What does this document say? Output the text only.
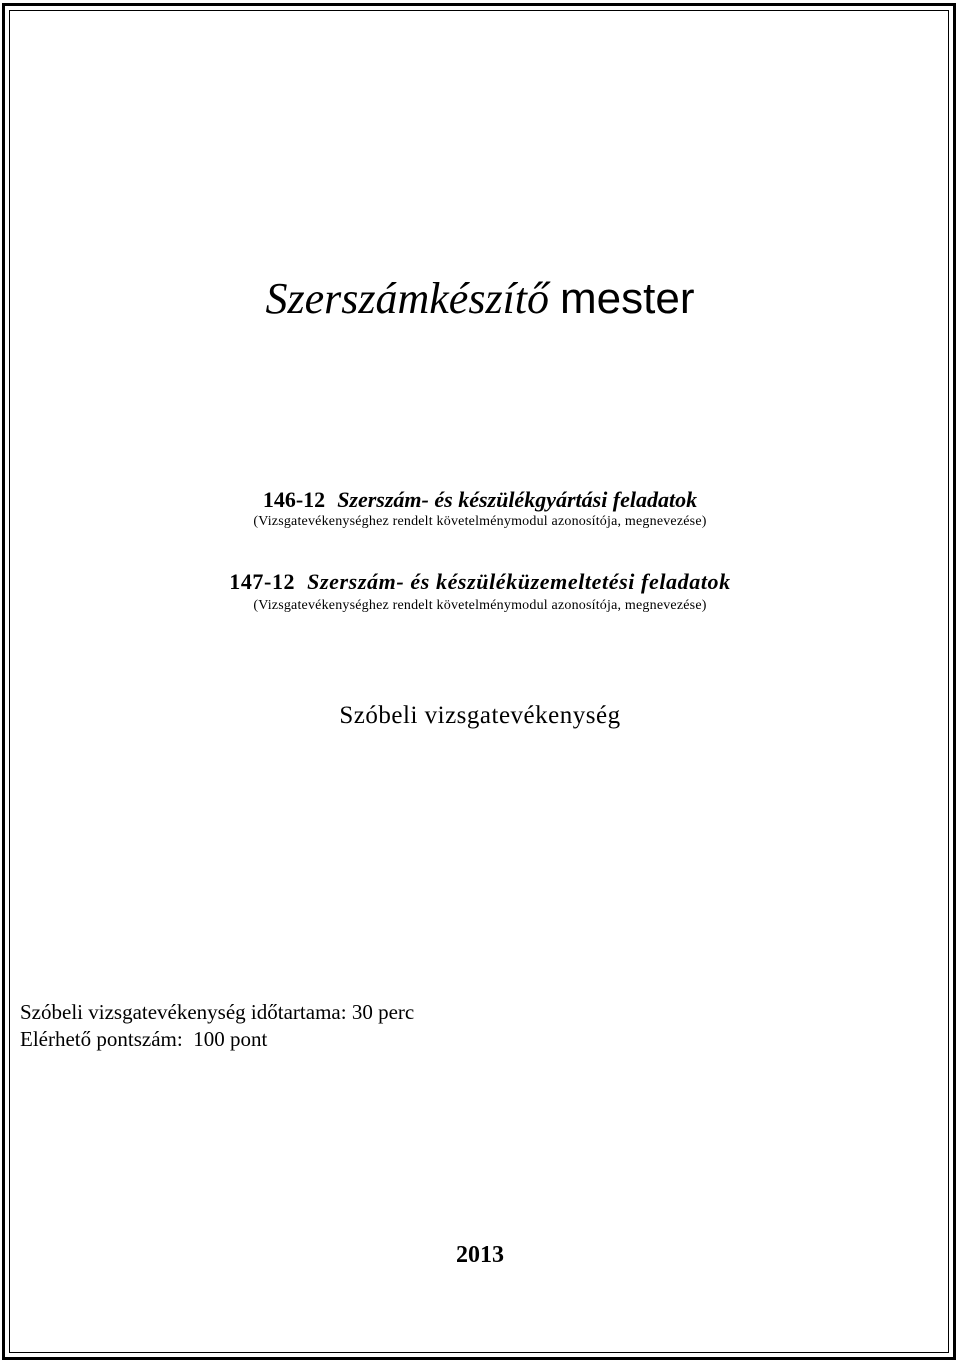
Szerszámkészítő mester
146-12 Szerszám- és készülékgyártási feladatok
(Vizsgatevékenységhez rendelt követelménymodul azonosítója, megnevezése)
147-12 Szerszám- és készüléküzemeltetési feladatok
(Vizsgatevékenységhez rendelt követelménymodul azonosítója, megnevezése)
Szóbeli vizsgatevékenység
Szóbeli vizsgatevékenység időtartama: 30 perc
Elérhető pontszám: 100 pont
2013
